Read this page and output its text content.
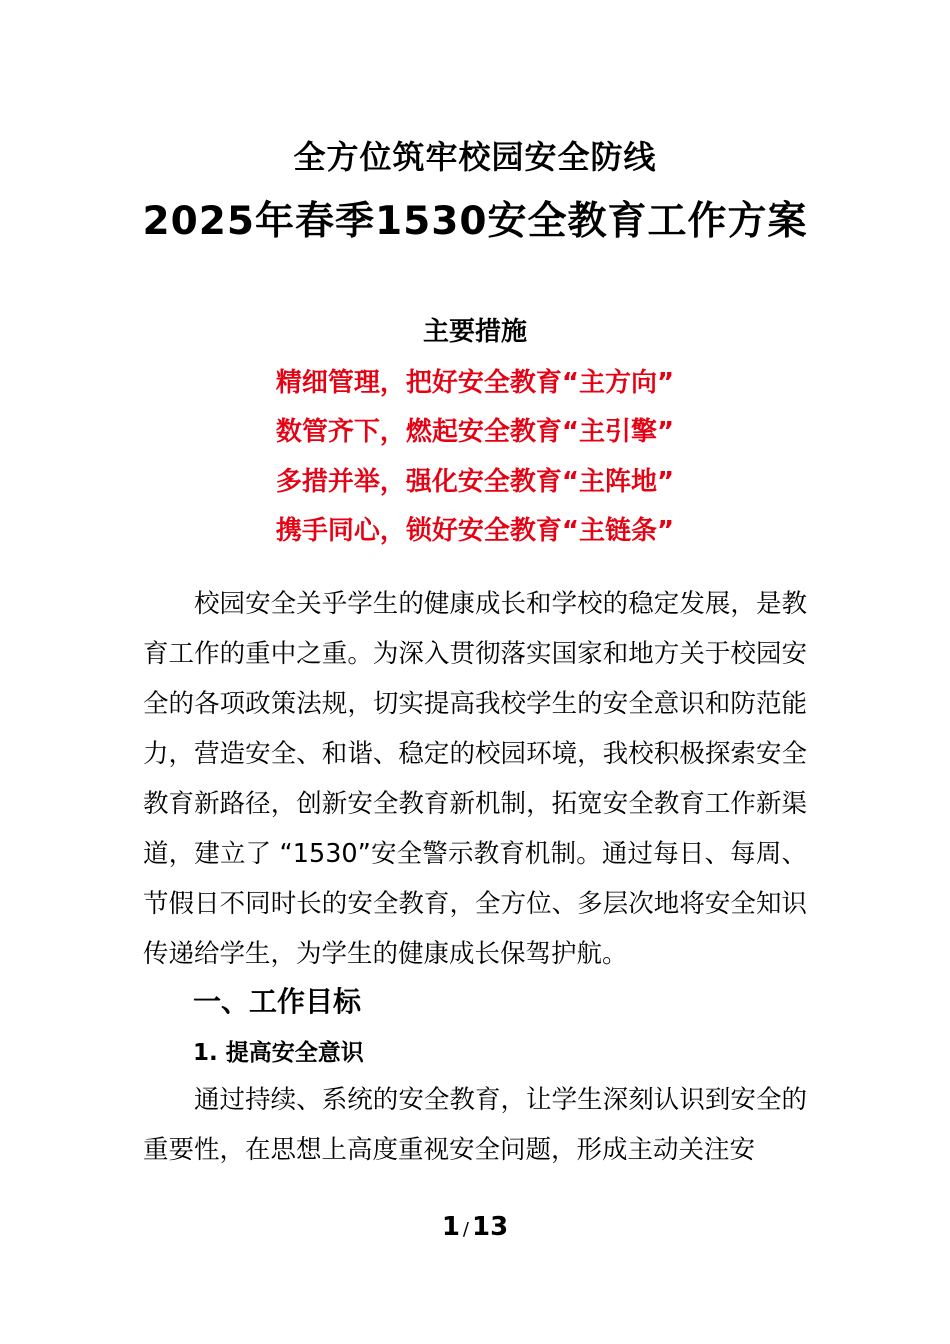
全方位筑牢校园安全防线
2025年春季1530安全教育工作方案
主要措施
精细管理，把好安全教育“主方向”
数管齐下，燃起安全教育“主引擎”
多措并举，强化安全教育“主阵地”
携手同心，锁好安全教育“主链条”

校园安全关乎学生的健康成长和学校的稳定发展，是教育工作的重中之重。为深入贯彻落实国家和地方关于校园安全的各项政策法规，切实提高我校学生的安全意识和防范能力，营造安全、和谐、稳定的校园环境，我校积极探索安全教育新路径，创新安全教育新机制，拓宽安全教育工作新渠道，建立了 “1530”安全警示教育机制。通过每日、每周、节假日不同时长的安全教育，全方位、多层次地将安全知识传递给学生，为学生的健康成长保驾护航。

一、工作目标
1. 提高安全意识

通过持续、系统的安全教育，让学生深刻认识到安全的重要性，在思想上高度重视安全问题，形成主动关注安

1 / 13
